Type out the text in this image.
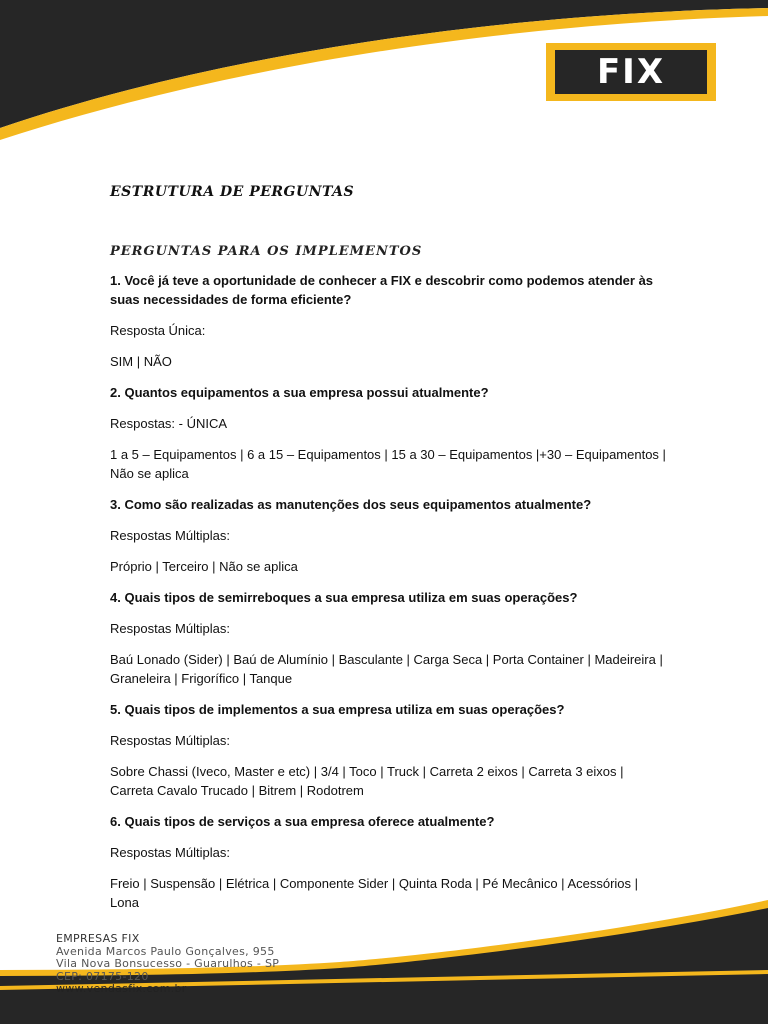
FIX
ESTRUTURA DE PERGUNTAS
PERGUNTAS PARA OS IMPLEMENTOS

1. Você já teve a oportunidade de conhecer a FIX e descobrir como podemos atender às suas necessidades de forma eficiente?

Resposta Única:

SIM | NÃO

2. Quantos equipamentos a sua empresa possui atualmente?

Respostas: - ÚNICA

1 a 5 – Equipamentos | 6 a 15 – Equipamentos | 15 a 30 – Equipamentos |+30 – Equipamentos | Não se aplica

3. Como são realizadas as manutenções dos seus equipamentos atualmente?

Respostas Múltiplas:

Próprio | Terceiro | Não se aplica

4. Quais tipos de semirreboques a sua empresa utiliza em suas operações?

Respostas Múltiplas:

Baú Lonado (Sider) | Baú de Alumínio | Basculante | Carga Seca | Porta Container | Madeireira | Graneleira | Frigorífico | Tanque

5. Quais tipos de implementos a sua empresa utiliza em suas operações?

Respostas Múltiplas:

Sobre Chassi (Iveco, Master e etc) | 3/4 | Toco | Truck | Carreta 2 eixos | Carreta 3 eixos | Carreta Cavalo Trucado | Bitrem | Rodotrem

6. Quais tipos de serviços a sua empresa oferece atualmente?

Respostas Múltiplas:

Freio | Suspensão | Elétrica | Componente Sider | Quinta Roda | Pé Mecânico | Acessórios | Lona

EMPRESAS FIX
Avenida Marcos Paulo Gonçalves, 955
Vila Nova Bonsucesso - Guarulhos - SP
CEP: 07175-120
www.vendasfix.com.br
